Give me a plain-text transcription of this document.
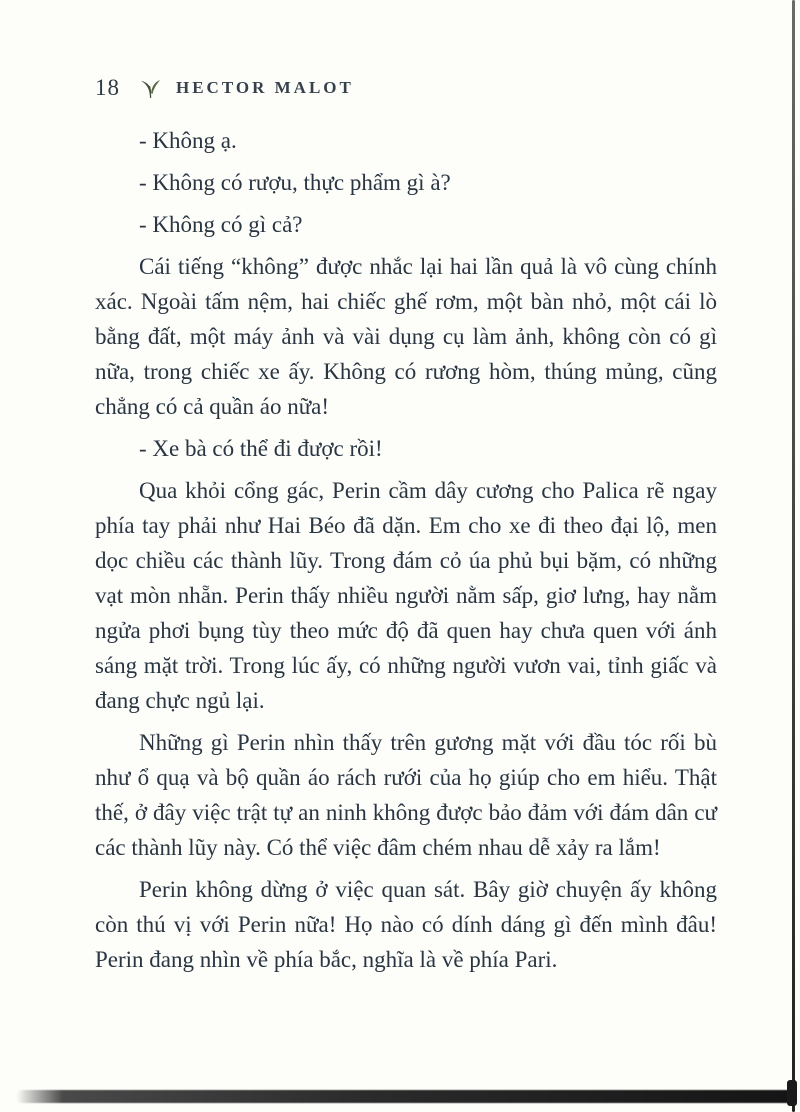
18	HECTOR MALOT

- Không ạ.

- Không có rượu, thực phẩm gì à?

- Không có gì cả?

Cái tiếng “không” được nhắc lại hai lần quả là vô cùng chính xác. Ngoài tấm nệm, hai chiếc ghế rơm, một bàn nhỏ, một cái lò bằng đất, một máy ảnh và vài dụng cụ làm ảnh, không còn có gì nữa, trong chiếc xe ấy. Không có rương hòm, thúng mủng, cũng chẳng có cả quần áo nữa!

- Xe bà có thể đi được rồi!

Qua khỏi cổng gác, Perin cầm dây cương cho Palica rẽ ngay phía tay phải như Hai Béo đã dặn. Em cho xe đi theo đại lộ, men dọc chiều các thành lũy. Trong đám cỏ úa phủ bụi bặm, có những vạt mòn nhẵn. Perin thấy nhiều người nằm sấp, giơ lưng, hay nằm ngửa phơi bụng tùy theo mức độ đã quen hay chưa quen với ánh sáng mặt trời. Trong lúc ấy, có những người vươn vai, tỉnh giấc và đang chực ngủ lại.

Những gì Perin nhìn thấy trên gương mặt với đầu tóc rối bù như ổ quạ và bộ quần áo rách rưới của họ giúp cho em hiểu. Thật thế, ở đây việc trật tự an ninh không được bảo đảm với đám dân cư các thành lũy này. Có thể việc đâm chém nhau dễ xảy ra lắm!

Perin không dừng ở việc quan sát. Bây giờ chuyện ấy không còn thú vị với Perin nữa! Họ nào có dính dáng gì đến mình đâu! Perin đang nhìn về phía bắc, nghĩa là về phía Pari.
